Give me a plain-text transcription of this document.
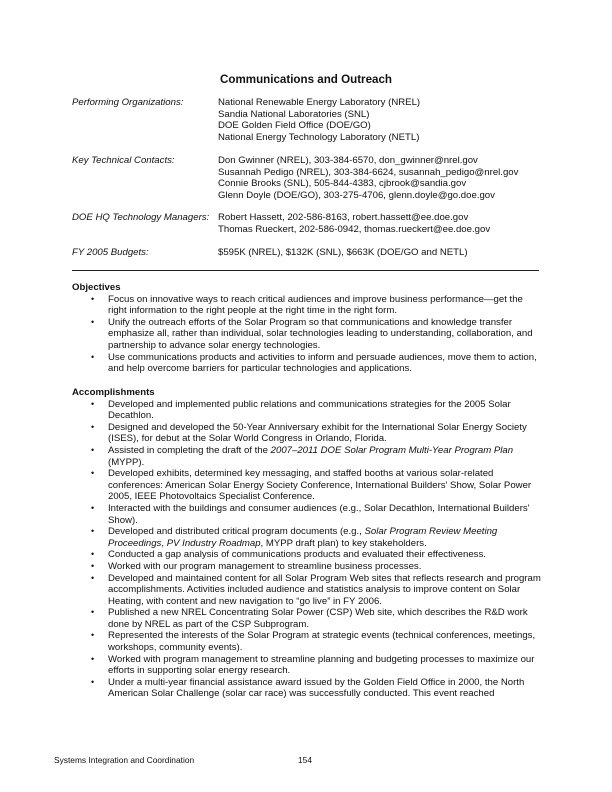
Communications and Outreach
Performing Organizations:	National Renewable Energy Laboratory (NREL)
Sandia National Laboratories (SNL)
DOE Golden Field Office (DOE/GO)
National Energy Technology Laboratory (NETL)
Key Technical Contacts:	Don Gwinner (NREL), 303-384-6570, don_gwinner@nrel.gov
Susannah Pedigo (NREL), 303-384-6624, susannah_pedigo@nrel.gov
Connie Brooks (SNL), 505-844-4383, cjbrook@sandia.gov
Glenn Doyle (DOE/GO), 303-275-4706, glenn.doyle@go.doe.gov
DOE HQ Technology Managers: Robert Hassett, 202-586-8163, robert.hassett@ee.doe.gov
Thomas Rueckert, 202-586-0942, thomas.rueckert@ee.doe.gov
FY 2005 Budgets:	$595K (NREL), $132K (SNL), $663K (DOE/GO and NETL)
Objectives
• Focus on innovative ways to reach critical audiences and improve business performance—get the right information to the right people at the right time in the right form.
• Unify the outreach efforts of the Solar Program so that communications and knowledge transfer emphasize all, rather than individual, solar technologies leading to understanding, collaboration, and partnership to advance solar energy technologies.
• Use communications products and activities to inform and persuade audiences, move them to action, and help overcome barriers for particular technologies and applications.
Accomplishments
• Developed and implemented public relations and communications strategies for the 2005 Solar Decathlon.
• Designed and developed the 50-Year Anniversary exhibit for the International Solar Energy Society (ISES), for debut at the Solar World Congress in Orlando, Florida.
• Assisted in completing the draft of the 2007–2011 DOE Solar Program Multi-Year Program Plan (MYPP).
• Developed exhibits, determined key messaging, and staffed booths at various solar-related conferences: American Solar Energy Society Conference, International Builders' Show, Solar Power 2005, IEEE Photovoltaics Specialist Conference.
• Interacted with the buildings and consumer audiences (e.g., Solar Decathlon, International Builders' Show).
• Developed and distributed critical program documents (e.g., Solar Program Review Meeting Proceedings, PV Industry Roadmap, MYPP draft plan) to key stakeholders.
• Conducted a gap analysis of communications products and evaluated their effectiveness.
• Worked with our program management to streamline business processes.
• Developed and maintained content for all Solar Program Web sites that reflects research and program accomplishments. Activities included audience and statistics analysis to improve content on Solar Heating, with content and new navigation to “go live” in FY 2006.
• Published a new NREL Concentrating Solar Power (CSP) Web site, which describes the R&D work done by NREL as part of the CSP Subprogram.
• Represented the interests of the Solar Program at strategic events (technical conferences, meetings, workshops, community events).
• Worked with program management to streamline planning and budgeting processes to maximize our efforts in supporting solar energy research.
• Under a multi-year financial assistance award issued by the Golden Field Office in 2000, the North American Solar Challenge (solar car race) was successfully conducted. This event reached
Systems Integration and Coordination	154
